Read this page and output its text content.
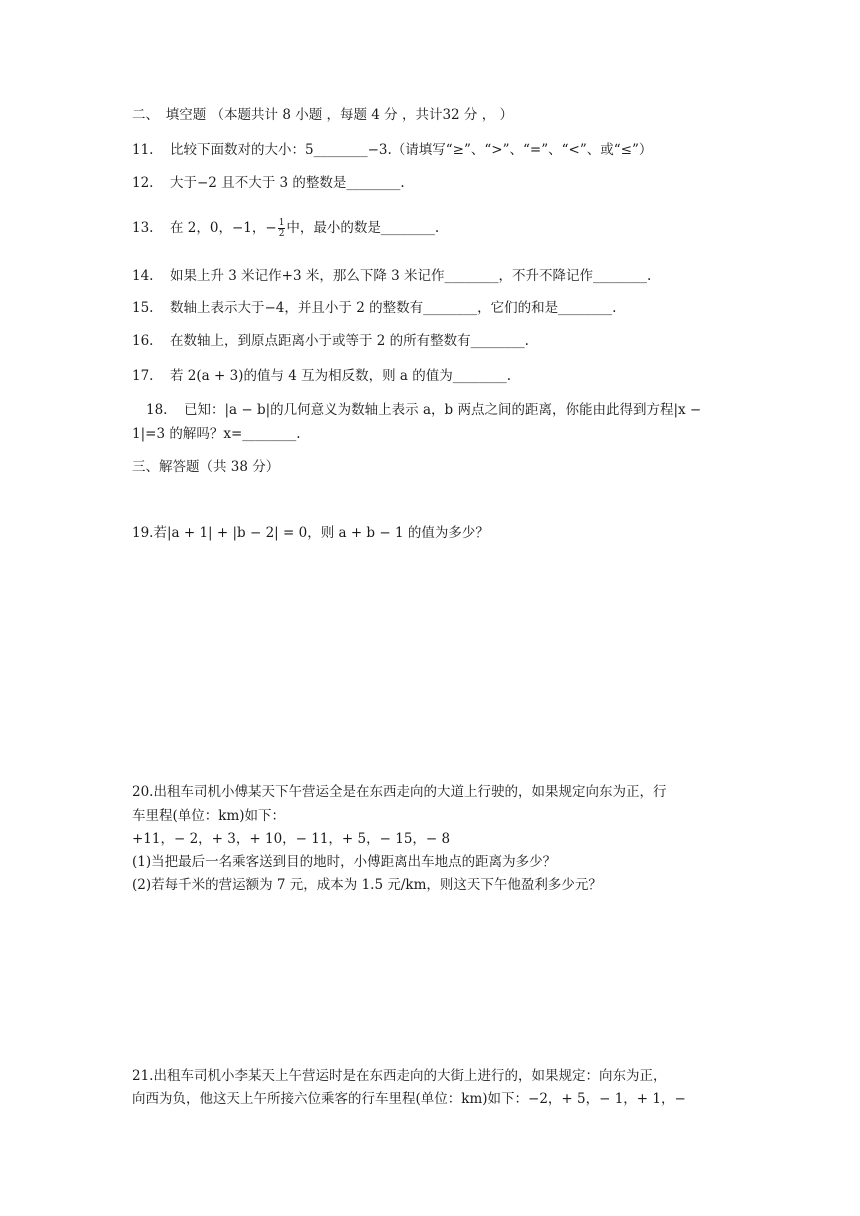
二、　填空题 （本题共计 8 小题 ，每题 4 分 ，共计32 分 ， ）
11. 比较下面数对的大小：5________−3.（请填写“≥”、“>”、“=”、“<”、或“≤”）
12. 大于−2 且不大于 3 的整数是________.
13. 在 2，0，−1，− $\frac{1}{2}$ 中，最小的数是________.
14. 如果上升 3 米记作+3 米，那么下降 3 米记作________，不升不降记作________.
15. 数轴上表示大于−4，并且小于 2 的整数有________，它们的和是________.
16. 在数轴上，到原点距离小于或等于 2 的所有整数有________.
17. 若 2(a + 3)的值与 4 互为相反数，则 a 的值为________.
18. 已知：|a − b|的几何意义为数轴上表示 a，b 两点之间的距离，你能由此得到方程|x −
1|=3 的解吗？x=________.
三、解答题（共 38 分）
19.若|a + 1| + |b − 2| = 0，则 a + b − 1 的值为多少？
20.出租车司机小傅某天下午营运全是在东西走向的大道上行驶的，如果规定向东为正，行
车里程(单位：km)如下：
+11，− 2，+ 3，+ 10，− 11，+ 5，− 15，− 8
(1)当把最后一名乘客送到目的地时，小傅距离出车地点的距离为多少？
(2)若每千米的营运额为 7 元，成本为 1.5 元/km，则这天下午他盈利多少元？
21.出租车司机小李某天上午营运时是在东西走向的大街上进行的，如果规定：向东为正，
向西为负，他这天上午所接六位乘客的行车里程(单位：km)如下：−2，+ 5，− 1，+ 1，−
